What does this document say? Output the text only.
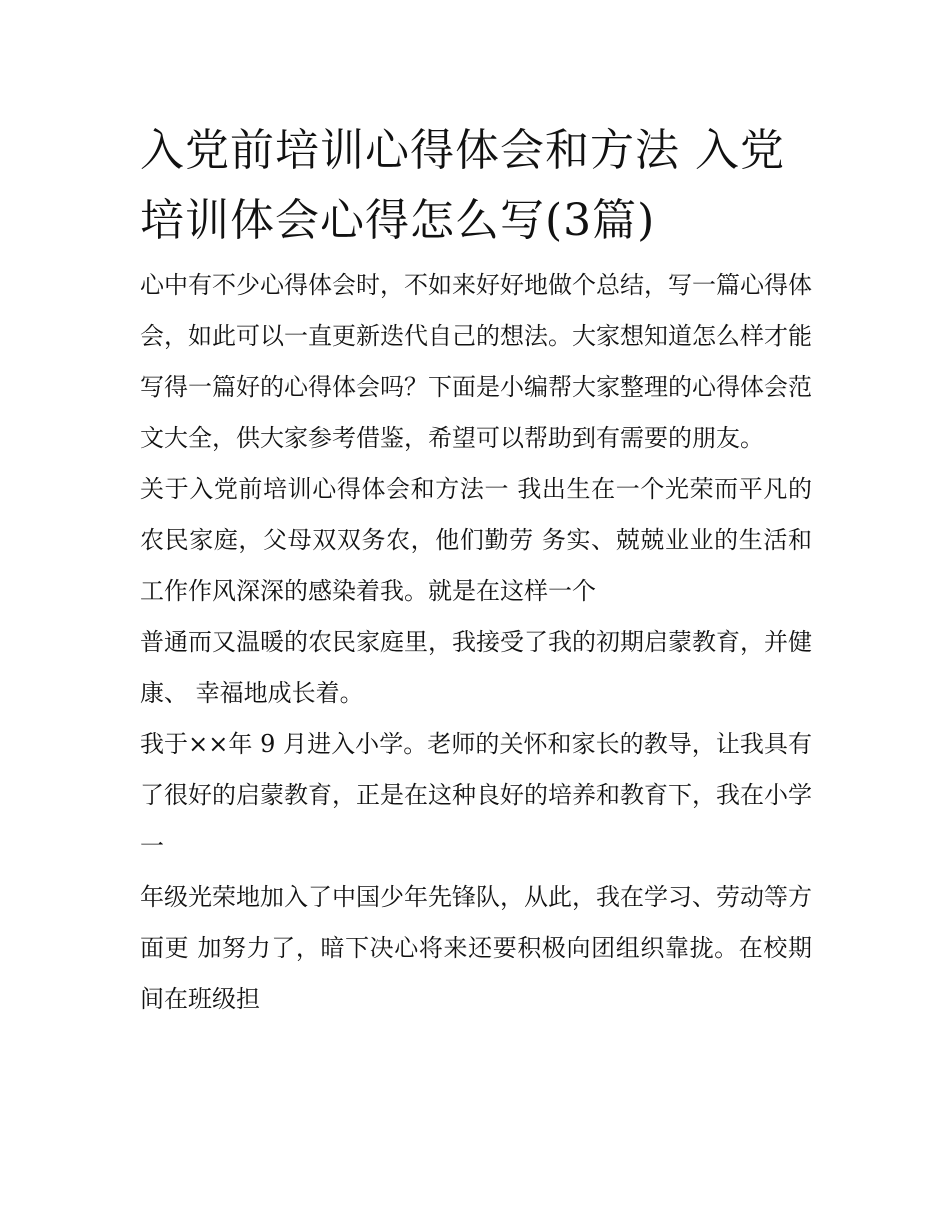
入党前培训心得体会和方法 入党培训体会心得怎么写(3篇)

心中有不少心得体会时，不如来好好地做个总结，写一篇心得体会，如此可以一直更新迭代自己的想法。大家想知道怎么样才能写得一篇好的心得体会吗？下面是小编帮大家整理的心得体会范文大全，供大家参考借鉴，希望可以帮助到有需要的朋友。

关于入党前培训心得体会和方法一 我出生在一个光荣而平凡的农民家庭，父母双双务农，他们勤劳 务实、兢兢业业的生活和工作作风深深的感染着我。就是在这样一个

普通而又温暖的农民家庭里，我接受了我的初期启蒙教育，并健康、 幸福地成长着。

我于××年 9 月进入小学。老师的关怀和家长的教导，让我具有了很好的启蒙教育，正是在这种良好的培养和教育下，我在小学一

年级光荣地加入了中国少年先锋队，从此，我在学习、劳动等方面更 加努力了，暗下决心将来还要积极向团组织靠拢。在校期间在班级担
